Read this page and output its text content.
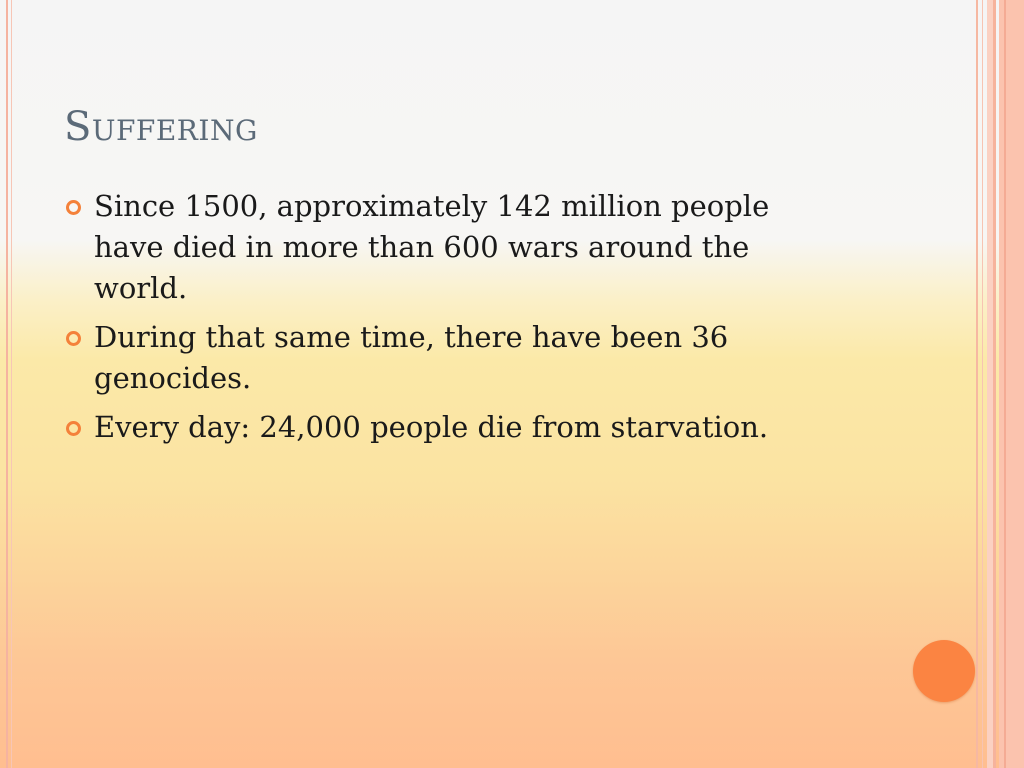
Suffering
Since 1500, approximately 142 million people have died in more than 600 wars around the world.
During that same time, there have been 36 genocides.
Every day: 24,000 people die from starvation.
